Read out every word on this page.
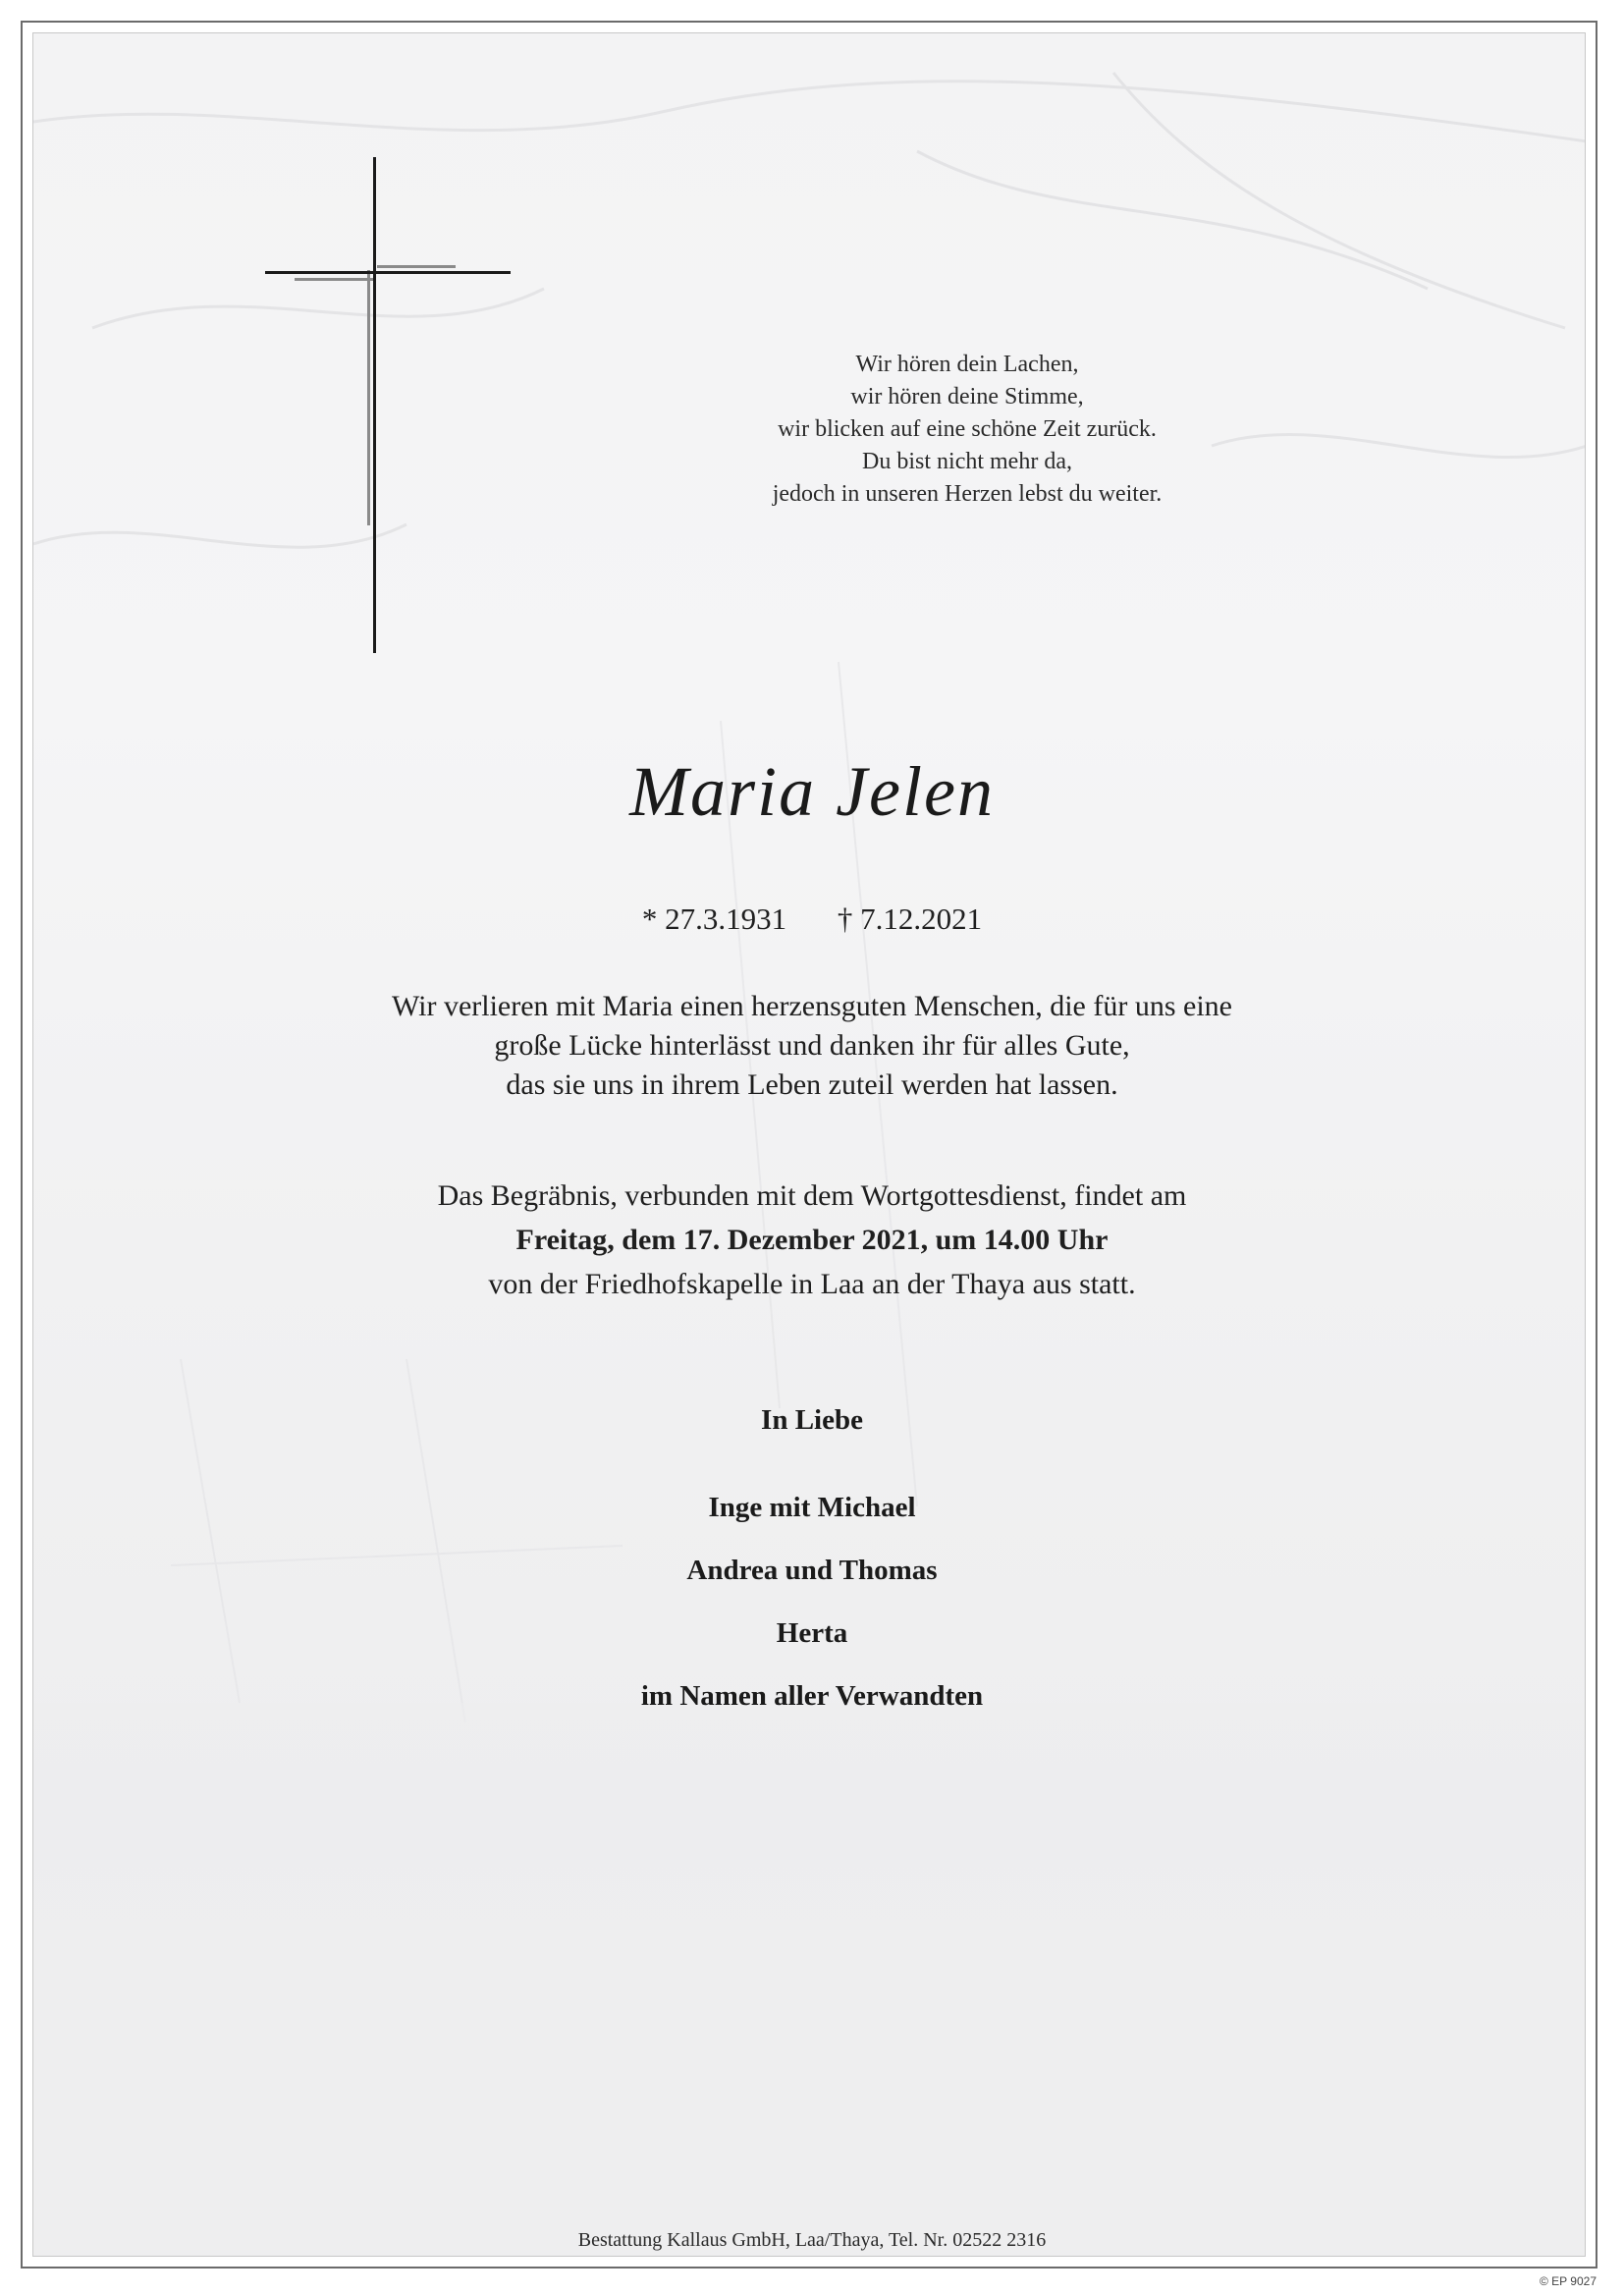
Wir hören dein Lachen,
wir hören deine Stimme,
wir blicken auf eine schöne Zeit zurück.
Du bist nicht mehr da,
jedoch in unseren Herzen lebst du weiter.
Maria Jelen
* 27.3.1931 † 7.12.2021
Wir verlieren mit Maria einen herzensguten Menschen, die für uns eine
große Lücke hinterlässt und danken ihr für alles Gute,
das sie uns in ihrem Leben zuteil werden hat lassen.
Das Begräbnis, verbunden mit dem Wortgottesdienst, findet am
Freitag, dem 17. Dezember 2021, um 14.00 Uhr
von der Friedhofskapelle in Laa an der Thaya aus statt.
In Liebe
Inge mit Michael
Andrea und Thomas
Herta
im Namen aller Verwandten
Bestattung Kallaus GmbH, Laa/Thaya, Tel. Nr. 02522 2316
© EP 9027
